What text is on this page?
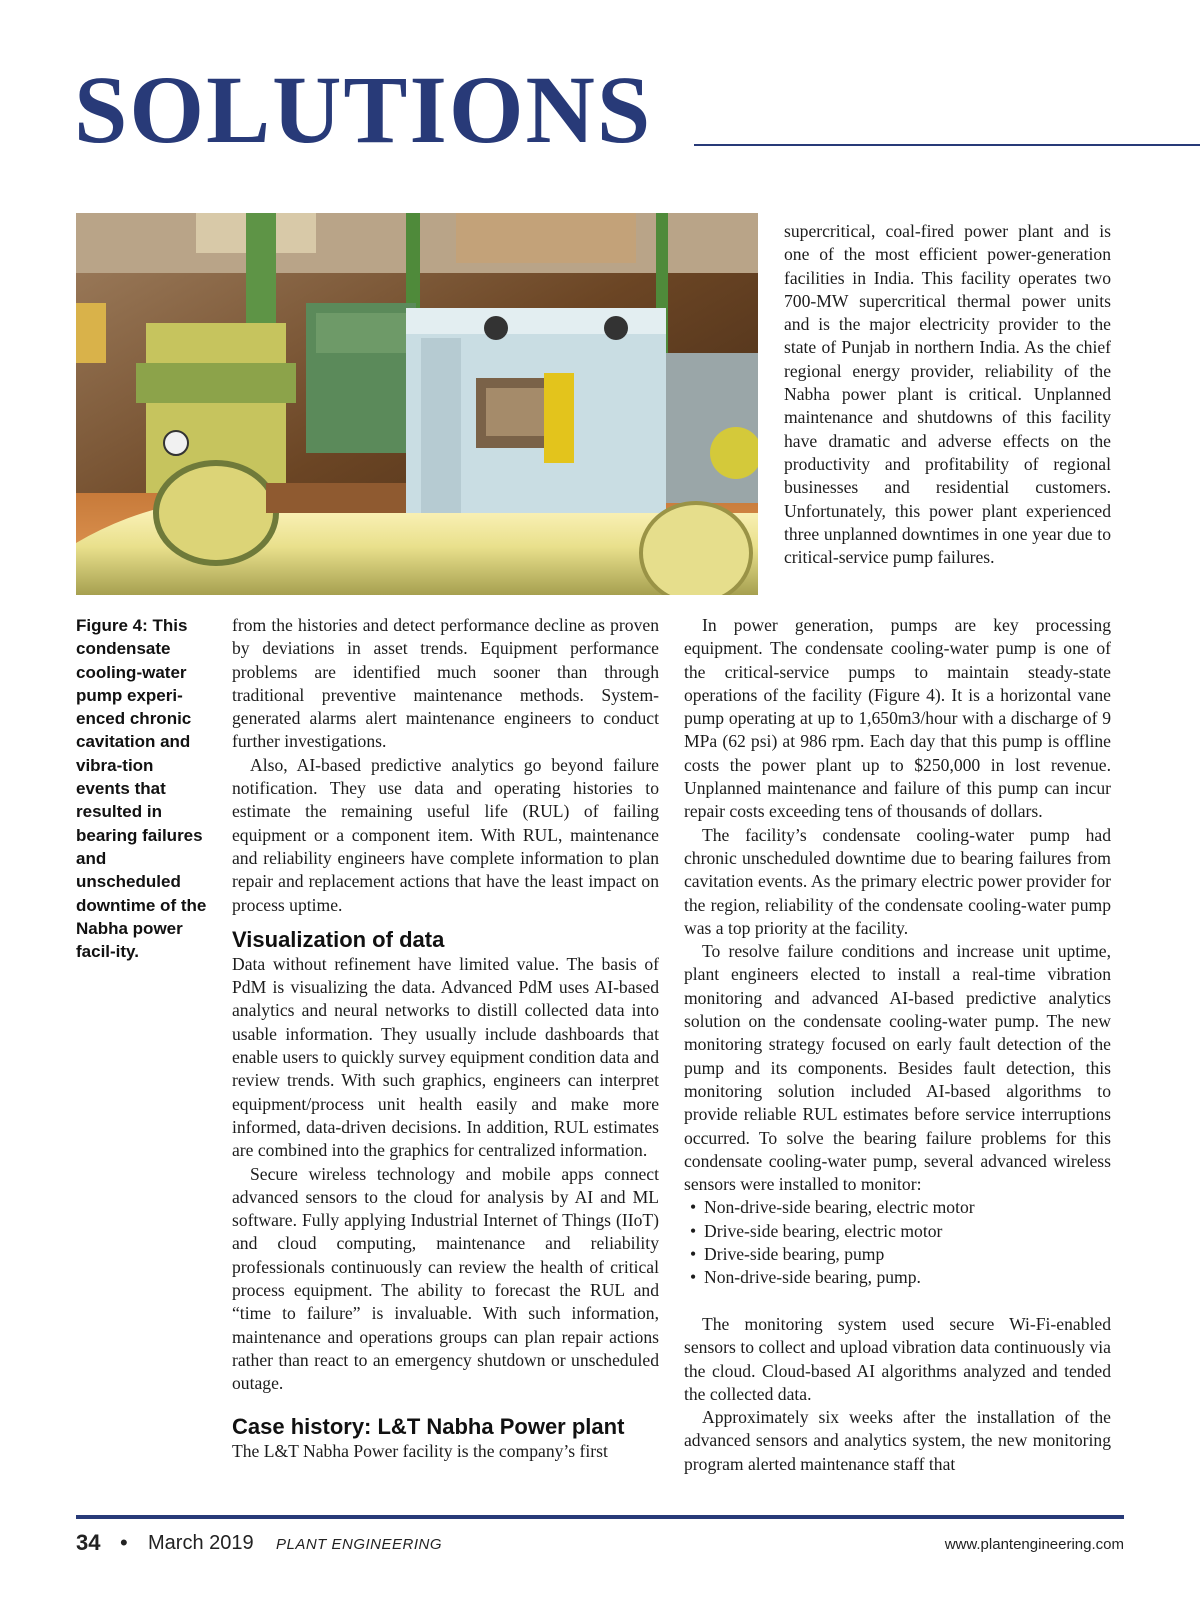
SOLUTIONS
Figure 4: This condensate cooling-water pump experi-enced chronic cavitation and vibra-tion events that resulted in bearing failures and unscheduled downtime of the Nabha power facil-ity.

supercritical, coal-fired power plant and is one of the most efficient power-generation facilities in India. This facility operates two 700-MW supercritical thermal power units and is the major electricity provider to the state of Punjab in northern India. As the chief regional energy provider, reliability of the Nabha power plant is critical. Unplanned maintenance and shutdowns of this facility have dramatic and adverse effects on the productivity and profitability of regional businesses and residential customers. Unfortunately, this power plant experienced three unplanned downtimes in one year due to critical-service pump failures.

from the histories and detect performance decline as proven by deviations in asset trends. Equipment performance problems are identified much sooner than through traditional preventive maintenance methods. System-generated alarms alert maintenance engineers to conduct further investigations.

Also, AI-based predictive analytics go beyond failure notification. They use data and operating histories to estimate the remaining useful life (RUL) of failing equipment or a component item. With RUL, maintenance and reliability engineers have complete information to plan repair and replacement actions that have the least impact on process uptime.

Visualization of data

Data without refinement have limited value. The basis of PdM is visualizing the data. Advanced PdM uses AI-based analytics and neural networks to distill collected data into usable information. They usually include dashboards that enable users to quickly survey equipment condition data and review trends. With such graphics, engineers can interpret equipment/process unit health easily and make more informed, data-driven decisions. In addition, RUL estimates are combined into the graphics for centralized information.

Secure wireless technology and mobile apps connect advanced sensors to the cloud for analysis by AI and ML software. Fully applying Industrial Internet of Things (IIoT) and cloud computing, maintenance and reliability professionals continuously can review the health of critical process equipment. The ability to forecast the RUL and “time to failure” is invaluable. With such information, maintenance and operations groups can plan repair actions rather than react to an emergency shutdown or unscheduled outage.

Case history: L&T Nabha Power plant

The L&T Nabha Power facility is the company’s first

In power generation, pumps are key processing equipment. The condensate cooling-water pump is one of the critical-service pumps to maintain steady-state operations of the facility (Figure 4). It is a horizontal vane pump operating at up to 1,650m3/hour with a discharge of 9 MPa (62 psi) at 986 rpm. Each day that this pump is offline costs the power plant up to $250,000 in lost revenue. Unplanned maintenance and failure of this pump can incur repair costs exceeding tens of thousands of dollars.

The facility’s condensate cooling-water pump had chronic unscheduled downtime due to bearing failures from cavitation events. As the primary electric power provider for the region, reliability of the condensate cooling-water pump was a top priority at the facility.

To resolve failure conditions and increase unit uptime, plant engineers elected to install a real-time vibration monitoring and advanced AI-based predictive analytics solution on the condensate cooling-water pump. The new monitoring strategy focused on early fault detection of the pump and its components. Besides fault detection, this monitoring solution included AI-based algorithms to provide reliable RUL estimates before service interruptions occurred. To solve the bearing failure problems for this condensate cooling-water pump, several advanced wireless sensors were installed to monitor:

• Non-drive-side bearing, electric motor
• Drive-side bearing, electric motor
• Drive-side bearing, pump
• Non-drive-side bearing, pump.

The monitoring system used secure Wi-Fi-enabled sensors to collect and upload vibration data continuously via the cloud. Cloud-based AI algorithms analyzed and tended the collected data.

Approximately six weeks after the installation of the advanced sensors and analytics system, the new monitoring program alerted maintenance staff that

34 • March 2019 PLANT ENGINEERING	www.plantengineering.com
